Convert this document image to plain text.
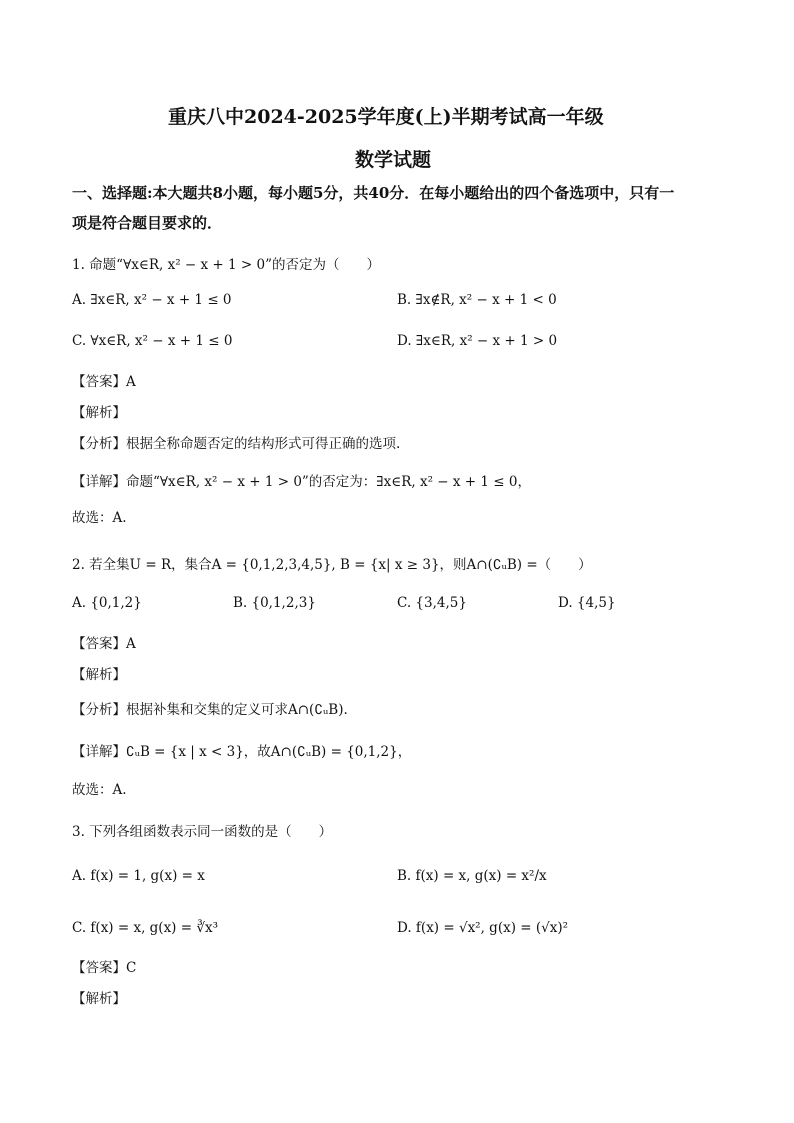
重庆八中2024-2025学年度(上)半期考试高一年级
数学试题
一、选择题:本大题共8小题，每小题5分，共40分．在每小题给出的四个备选项中，只有一
项是符合题目要求的．
1. 命题“∀x∈R, x² − x + 1 > 0”的否定为（　　）
A. ∃x∈R, x² − x + 1 ≤ 0	B. ∃x∉R, x² − x + 1 < 0
C. ∀x∈R, x² − x + 1 ≤ 0	D. ∃x∈R, x² − x + 1 > 0
【答案】A
【解析】
【分析】根据全称命题否定的结构形式可得正确的选项.
【详解】命题“∀x∈R, x² − x + 1 > 0”的否定为：∃x∈R, x² − x + 1 ≤ 0，
故选：A.
2. 若全集U = R，集合A = {0,1,2,3,4,5}, B = {x| x ≥ 3}，则A∩(∁ᵤB) =（　　）
A. {0,1,2}	B. {0,1,2,3}	C. {3,4,5}	D. {4,5}
【答案】A
【解析】
【分析】根据补集和交集的定义可求A∩(∁ᵤB).
【详解】∁ᵤB = {x | x < 3}，故A∩(∁ᵤB) = {0,1,2}，
故选：A.
3. 下列各组函数表示同一函数的是（　　）
A. f(x) = 1, g(x) = x	B. f(x) = x, g(x) = x²/x
C. f(x) = x, g(x) = ∛x³	D. f(x) = √x², g(x) = (√x)²
【答案】C
【解析】
